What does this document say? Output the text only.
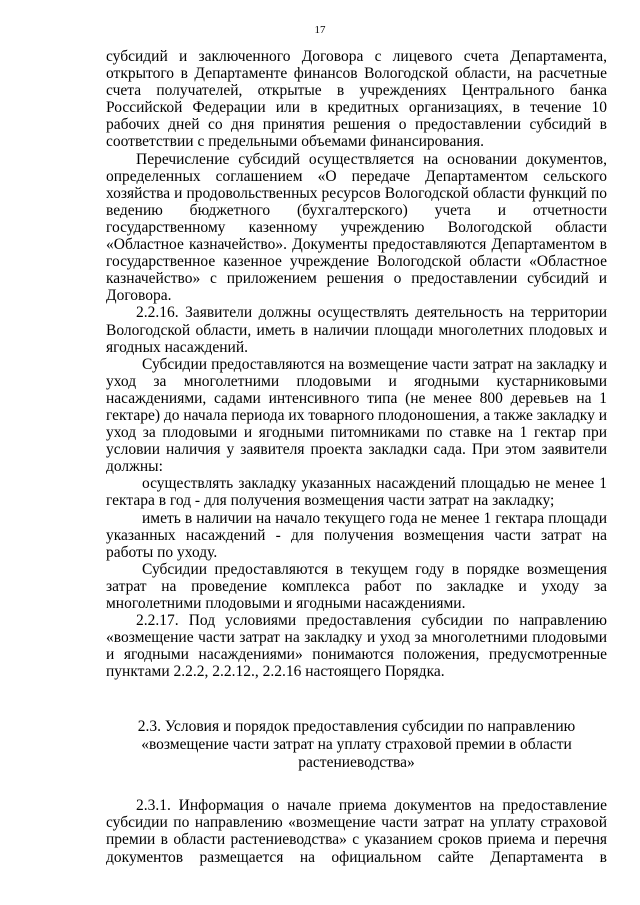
17

субсидий и заключенного Договора с лицевого счета Департамента, открытого в Департаменте финансов Вологодской области, на расчетные счета получателей, открытые в учреждениях Центрального банка Российской Федерации или в кредитных организациях, в течение 10 рабочих дней со дня принятия решения о предоставлении субсидий в соответствии с предельными объемами финансирования.

Перечисление субсидий осуществляется на основании документов, определенных соглашением «О передаче Департаментом сельского хозяйства и продовольственных ресурсов Вологодской области функций по ведению бюджетного (бухгалтерского) учета и отчетности государственному казенному учреждению Вологодской области «Областное казначейство». Документы предоставляются Департаментом в государственное казенное учреждение Вологодской области «Областное казначейство» с приложением решения о предоставлении субсидий и Договора.

2.2.16. Заявители должны осуществлять деятельность на территории Вологодской области, иметь в наличии площади многолетних плодовых и ягодных насаждений.

Субсидии предоставляются на возмещение части затрат на закладку и уход за многолетними плодовыми и ягодными кустарниковыми насаждениями, садами интенсивного типа (не менее 800 деревьев на 1 гектаре) до начала периода их товарного плодоношения, а также закладку и уход за плодовыми и ягодными питомниками по ставке на 1 гектар при условии наличия у заявителя проекта закладки сада. При этом заявители должны:

осуществлять закладку указанных насаждений площадью не менее 1 гектара в год - для получения возмещения части затрат на закладку;

иметь в наличии на начало текущего года не менее 1 гектара площади указанных насаждений - для получения возмещения части затрат на работы по уходу.

Субсидии предоставляются в текущем году в порядке возмещения затрат на проведение комплекса работ по закладке и уходу за многолетними плодовыми и ягодными насаждениями.

2.2.17. Под условиями предоставления субсидии по направлению «возмещение части затрат на закладку и уход за многолетними плодовыми и ягодными насаждениями» понимаются положения, предусмотренные пунктами 2.2.2, 2.2.12., 2.2.16 настоящего Порядка.

2.3. Условия и порядок предоставления субсидии по направлению
«возмещение части затрат на уплату страховой премии в области
растениеводства»

2.3.1. Информация о начале приема документов на предоставление субсидии по направлению «возмещение части затрат на уплату страховой премии в области растениеводства» с указанием сроков приема и перечня документов размещается на официальном сайте Департамента в
